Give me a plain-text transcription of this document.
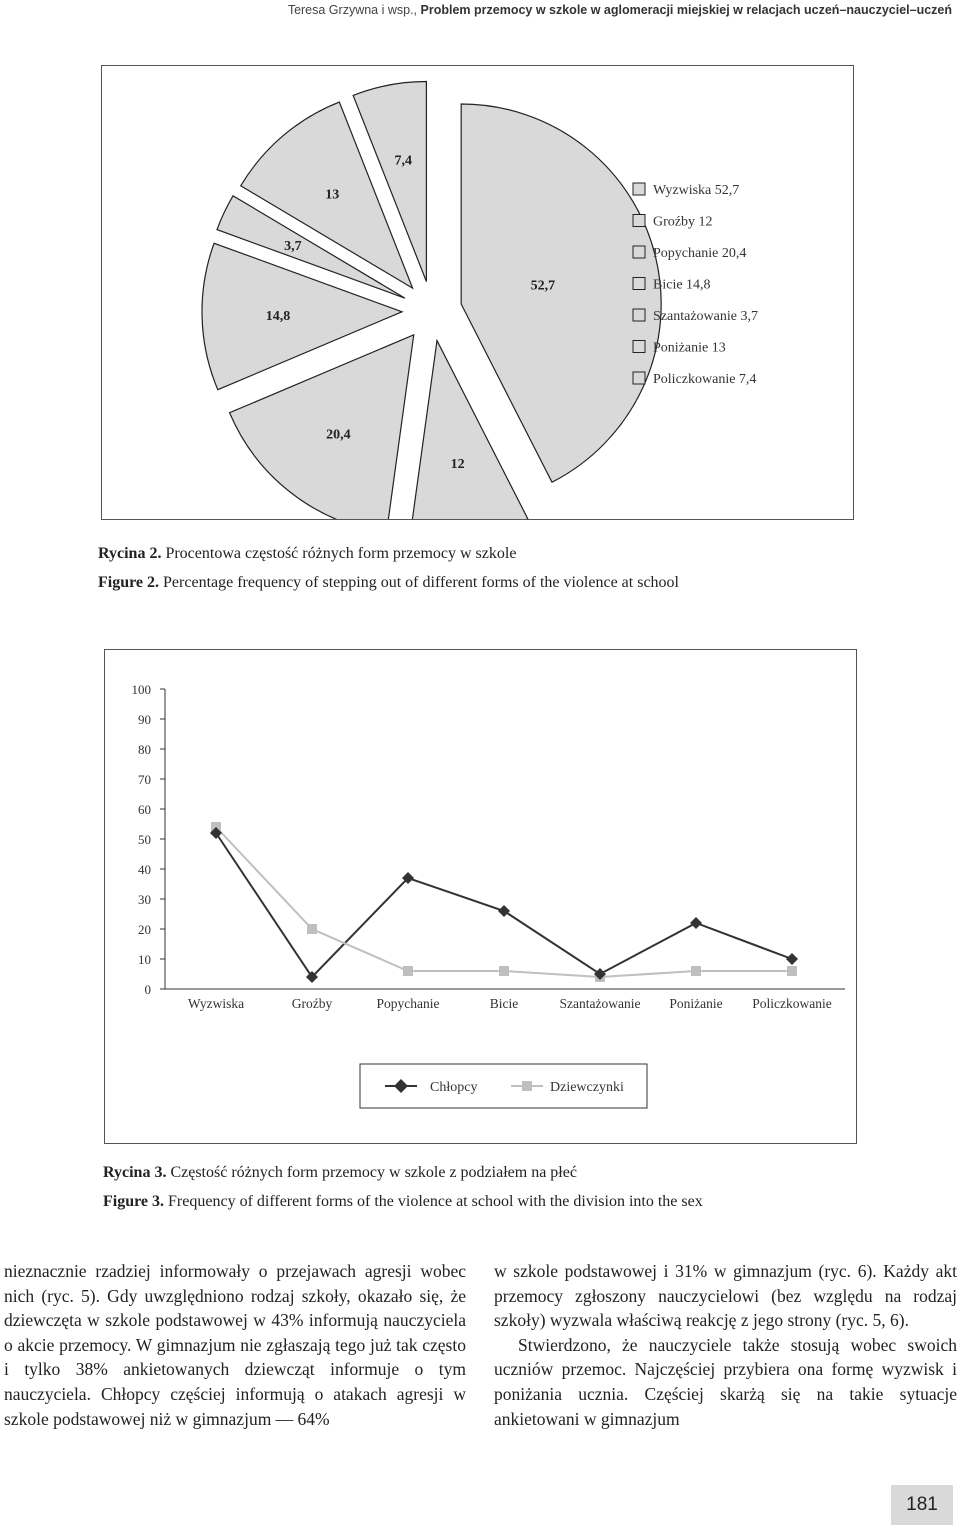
Teresa Grzywna i wsp., Problem przemocy w szkole w aglomeracji miejskiej w relacjach uczeń–nauczyciel–uczeń
52,7
12
20,4
14,8
3,7
13
7,4
Wyzwiska 52,7
Groźby 12
Popychanie 20,4
Bicie 14,8
Szantażowanie 3,7
Poniżanie 13
Policzkowanie 7,4
Rycina 2. Procentowa częstość różnych form przemocy w szkole
Figure 2. Percentage frequency of stepping out of different forms of the violence at school
0
10
20
30
40
50
60
70
80
90
100
Wyzwiska	Groźby	Popychanie	Bicie	Szantażowanie Poniżanie Policzkowanie
Chłopcy	Dziewczynki
Rycina 3. Częstość różnych form przemocy w szkole z podziałem na płeć
Figure 3. Frequency of different forms of the violence at school with the division into the sex

nieznacznie rzadziej informowały o przejawach agresji wobec nich (ryc. 5). Gdy uwzględniono rodzaj szkoły, okazało się, że dziewczęta w szkole podstawowej w 43% informują nauczyciela o akcie przemocy. W gimnazjum nie zgłaszają tego już tak często i tylko 38% ankietowanych dziewcząt informuje o tym nauczyciela. Chłopcy częściej informują o atakach agresji w szkole podstawowej niż w gimnazjum — 64%

w szkole podstawowej i 31% w gimnazjum (ryc. 6). Każdy akt przemocy zgłoszony nauczycielowi (bez względu na rodzaj szkoły) wyzwala właściwą reakcję z jego strony (ryc. 5, 6).

Stwierdzono, że nauczyciele także stosują wobec swoich uczniów przemoc. Najczęściej przybiera ona formę wyzwisk i poniżania ucznia. Częściej skarżą się na takie sytuacje ankietowani w gimnazjum

181
